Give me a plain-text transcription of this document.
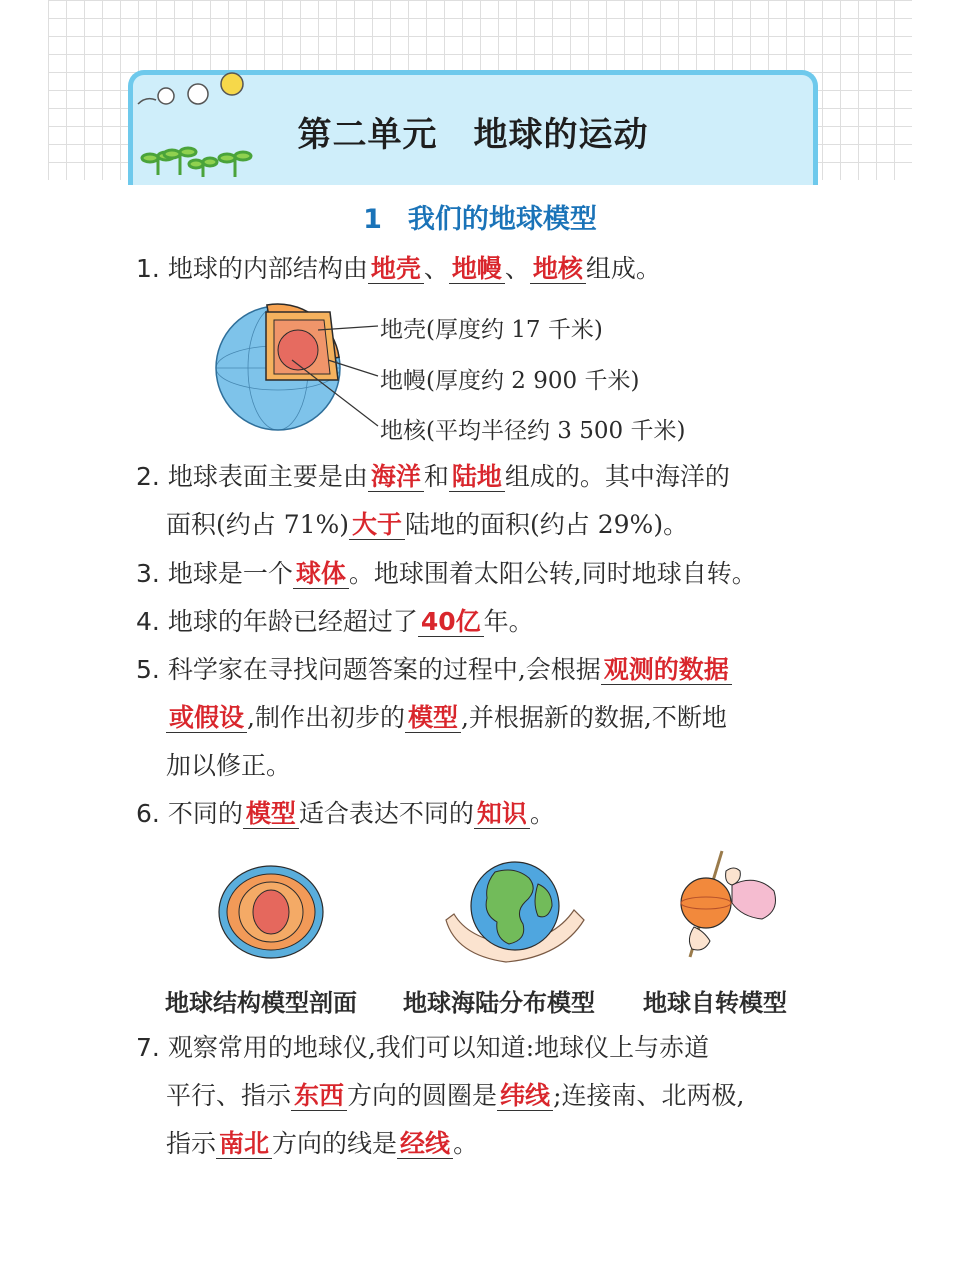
第二单元 地球的运动
1 我们的地球模型
1. 地球的内部结构由 地壳 、 地幔 、 地核 组成。
地壳(厚度约 17 千米)
地幔(厚度约 2 900 千米)
地核(平均半径约 3 500 千米)
2. 地球表面主要是由 海洋 和 陆地 组成的。其中海洋的
面积(约占 71%) 大于 陆地的面积(约占 29%)。
3. 地球是一个 球体 。地球围着太阳公转,同时地球自转。
4. 地球的年龄已经超过了 40亿 年。
5. 科学家在寻找问题答案的过程中,会根据 观测的数据
或假设 ,制作出初步的 模型 ,并根据新的数据,不断地
加以修正。
6. 不同的 模型 适合表达不同的 知识 。
地球结构模型剖面 地球海陆分布模型 地球自转模型
7. 观察常用的地球仪,我们可以知道:地球仪上与赤道
平行、指示 东西 方向的圆圈是 纬线 ;连接南、北两极,
指示 南北 方向的线是 经线 。
